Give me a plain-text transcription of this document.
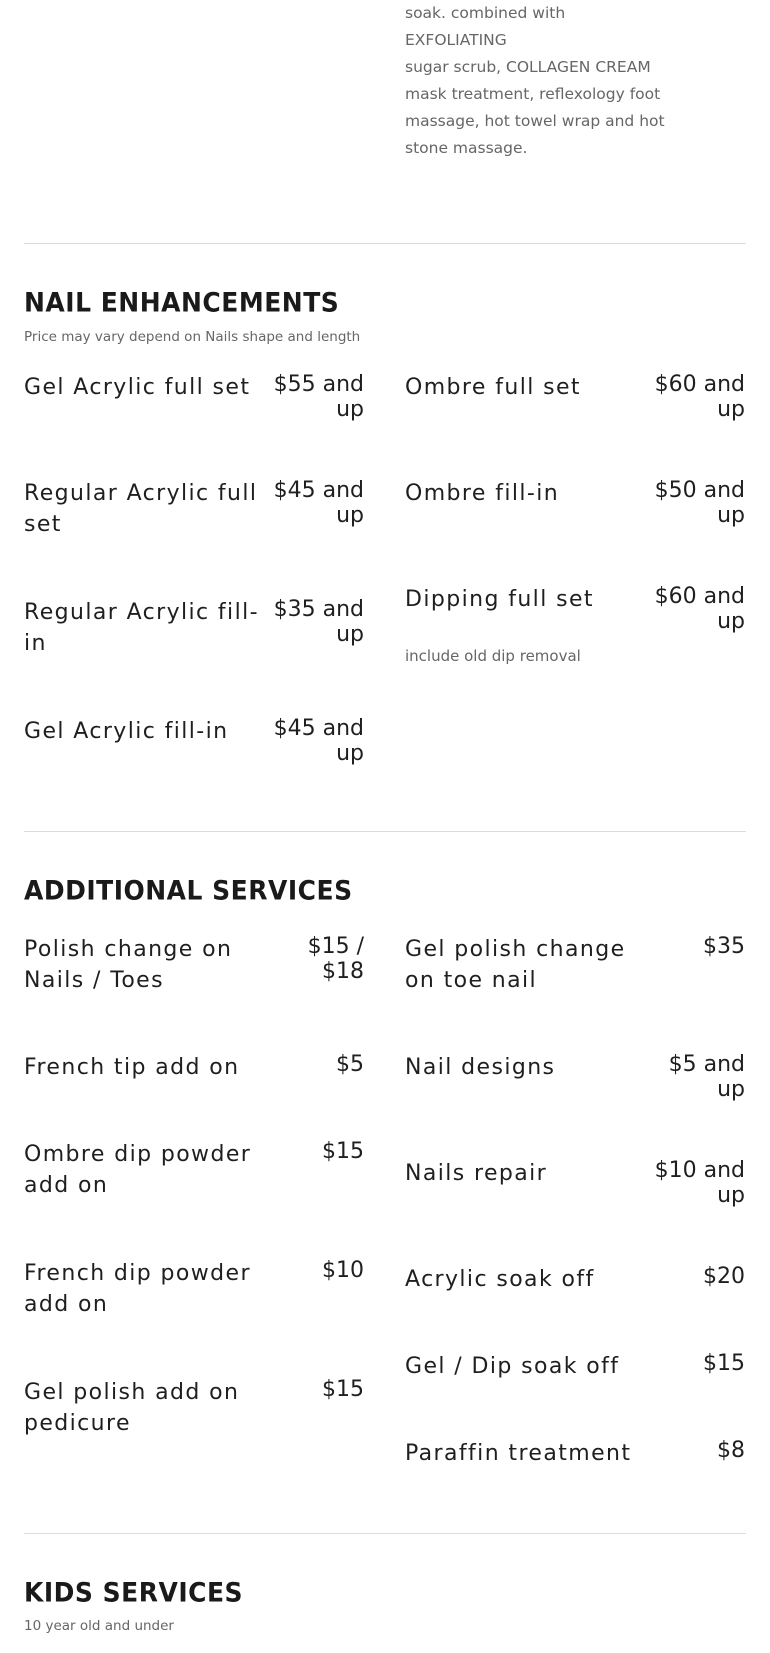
soak. combined with EXFOLIATING
sugar scrub, COLLAGEN CREAM
mask treatment, reflexology foot
massage, hot towel wrap and hot
stone massage.
NAIL ENHANCEMENTS
Price may vary depend on Nails shape and length
Gel Acrylic full set	$55 and up
Regular Acrylic full set
$45 and up
Regular Acrylic fill-in
$35 and up
Gel Acrylic fill-in	$45 and up
Ombre full set	$60 and up
Ombre fill-in	$50 and up
Dipping full set	$60 and up
include old dip removal
ADDITIONAL SERVICES
Polish change on Nails / Toes
$15 / $18
French tip add on	$5
Ombre dip powder add on
$15
French dip powder add on
$10
Gel polish add on pedicure
$15
Gel polish change on toe nail
$35
Nail designs	$5 and up
Nails repair	$10 and up
Acrylic soak off	$20
Gel / Dip soak off	$15
Paraffin treatment	$8
KIDS SERVICES
10 year old and under
